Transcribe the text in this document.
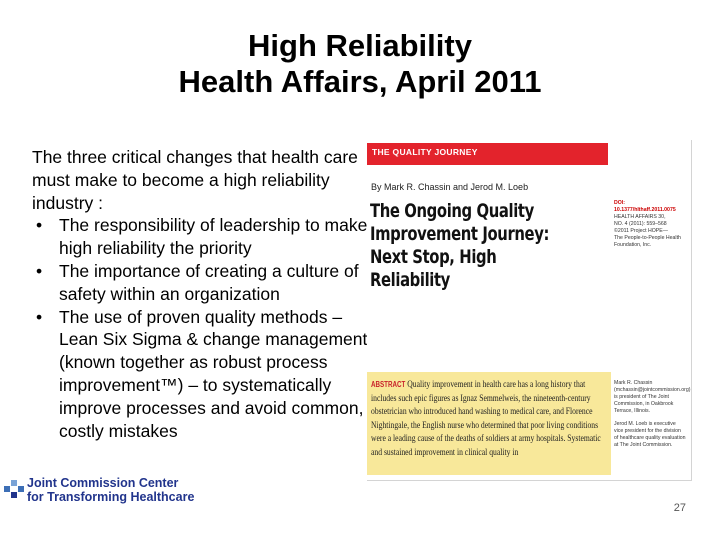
High Reliability
Health Affairs, April 2011

The three critical changes that health care must make to become a high reliability industry :

• The responsibility of leadership to make high reliability the priority
• The importance of creating a culture of safety within an organization
• The use of proven quality methods – Lean Six Sigma & change management (known together as robust process improvement™) – to systematically improve processes and avoid common, costly mistakes
THE QUALITY JOURNEY
By Mark R. Chassin and Jerod M. Loeb
The Ongoing Quality Improvement Journey: Next Stop, High Reliability
DOI: 10.1377/hlthaff.2011.0075
HEALTH AFFAIRS 30,
NO. 4 (2011): 559–568
©2011 Project HOPE—
The People-to-People Health
Foundation, Inc.
ABSTRACT Quality improvement in health care has a long history that includes such epic figures as Ignaz Semmelweis, the nineteenth-century obstetrician who introduced hand washing to medical care, and Florence Nightingale, the English nurse who determined that poor living conditions were a leading cause of the deaths of soldiers at army hospitals. Systematic and sustained improvement in clinical quality in

Mark R. Chassin (mchassin@jointcommission.org) is president of The Joint Commission, in Oakbrook Terrace, Illinois.

Jerod M. Loeb is executive vice president for the division of healthcare quality evaluation at The Joint Commission.

Joint Commission Center
for Transforming Healthcare
27
